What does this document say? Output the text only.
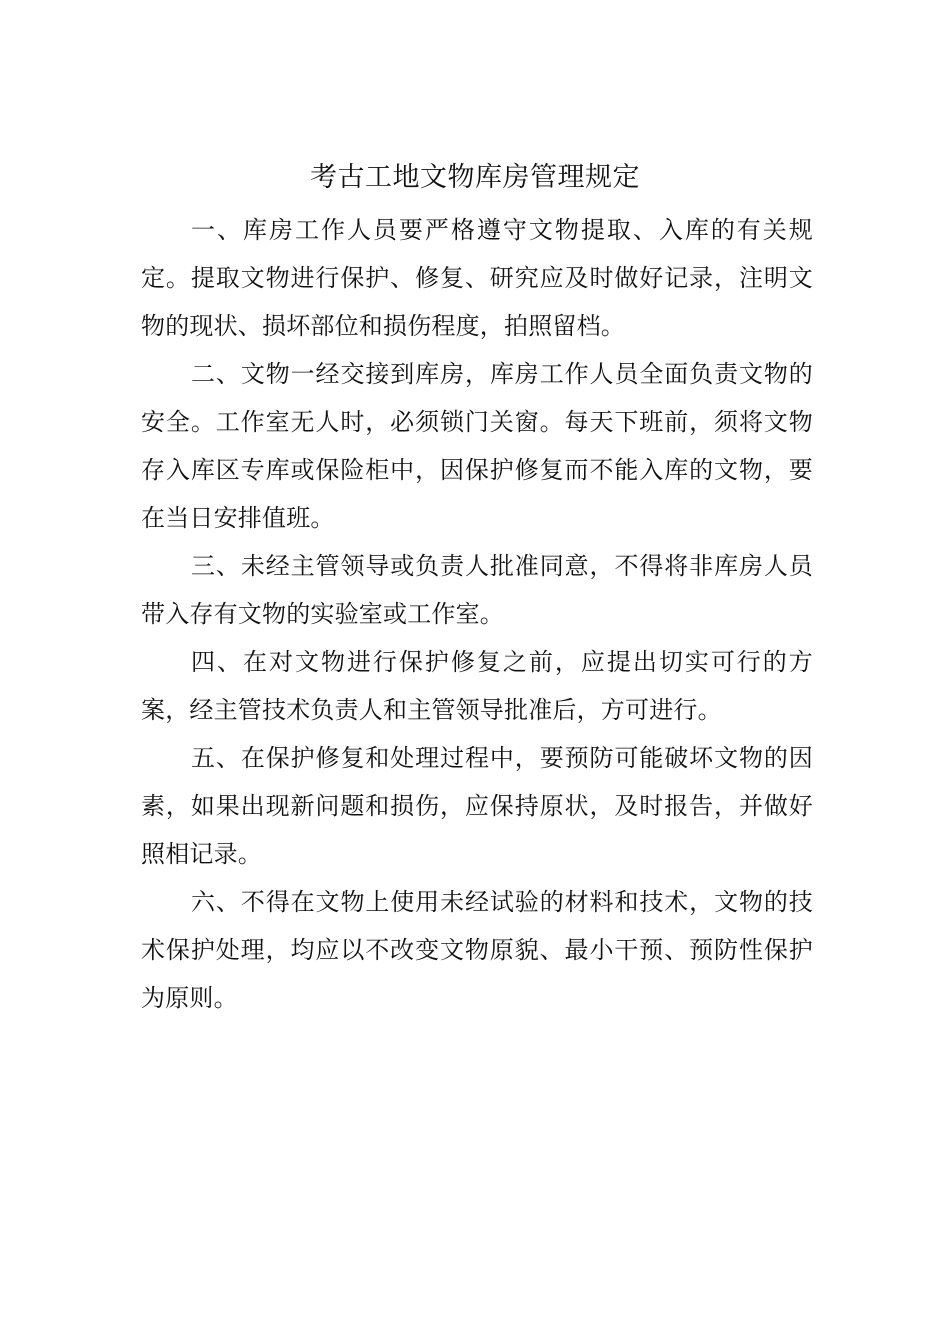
考古工地文物库房管理规定

一、库房工作人员要严格遵守文物提取、入库的有关规定。提取文物进行保护、修复、研究应及时做好记录，注明文物的现状、损坏部位和损伤程度，拍照留档。

二、文物一经交接到库房，库房工作人员全面负责文物的安全。工作室无人时，必须锁门关窗。每天下班前，须将文物存入库区专库或保险柜中，因保护修复而不能入库的文物，要在当日安排值班。

三、未经主管领导或负责人批准同意，不得将非库房人员带入存有文物的实验室或工作室。

四、在对文物进行保护修复之前，应提出切实可行的方案，经主管技术负责人和主管领导批准后，方可进行。

五、在保护修复和处理过程中，要预防可能破坏文物的因素，如果出现新问题和损伤，应保持原状，及时报告，并做好照相记录。

六、不得在文物上使用未经试验的材料和技术，文物的技术保护处理，均应以不改变文物原貌、最小干预、预防性保护为原则。
